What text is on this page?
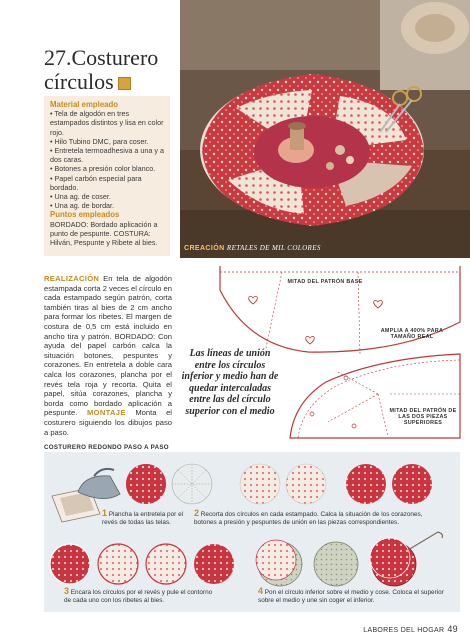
27.Costurero
círculos
Material empleado
• Tela de algodón en tres estampados distintos y lisa en color rojo.
• Hilo Tubino DMC, para coser.
• Entretela termoadhesiva a una y a dos caras.
• Botones a presión color blanco.
• Papel carbón especial para bordado.
• Una ag. de coser.
• Una ag. de bordar.
Puntos empleados
BORDADO: Bordado aplicación a punto de pespunte. COSTURA: Hilván, Pespunte y Ribete al bies.
CREACIÓN RETALES DE MIL COLORES
REALIZACIÓN En tela de algodón estampada corta 2 veces el círculo en cada estampado según patrón, corta también tiras al bies de 2 cm ancho para formar los ribetes. El margen de costura de 0,5 cm está incluido en ancho tira y patrón. BORDADO: Con ayuda del papel carbón calca la situación botones, pespuntes y corazones. En entretela a doble cara calca los corazones, plancha por el revés tela roja y recorta. Quita el papel, sitúa corazones, plancha y borda como bordado aplicación a pespunte. MONTAJE Monta el costurero siguiendo los dibujos paso a paso.
MITAD DEL PATRÓN BASE
AMPLIA A 400% PARA TAMAÑO REAL
MITAD DEL PATRÓN DE LAS DOS PIEZAS SUPERIORES
Las líneas de unión entre los círculos inferior y medio han de quedar intercaladas entre las del círculo superior con el medio
COSTURERO REDONDO PASO A PASO
1 Plancha la entretela por el revés de todas las telas.
2 Recorta dos círculos en cada estampado. Calca la situación de los corazones, botones a presión y pespuntes de unión en las piezas correspondientes.
3 Encara los círculos por el revés y pule el contorno de cada uno con los ribetes al bies.
4 Pon el círculo inferior sobre el medio y cose. Coloca el superior sobre el medio y une sin coger el inferior.
LABORES DEL HOGAR 49
